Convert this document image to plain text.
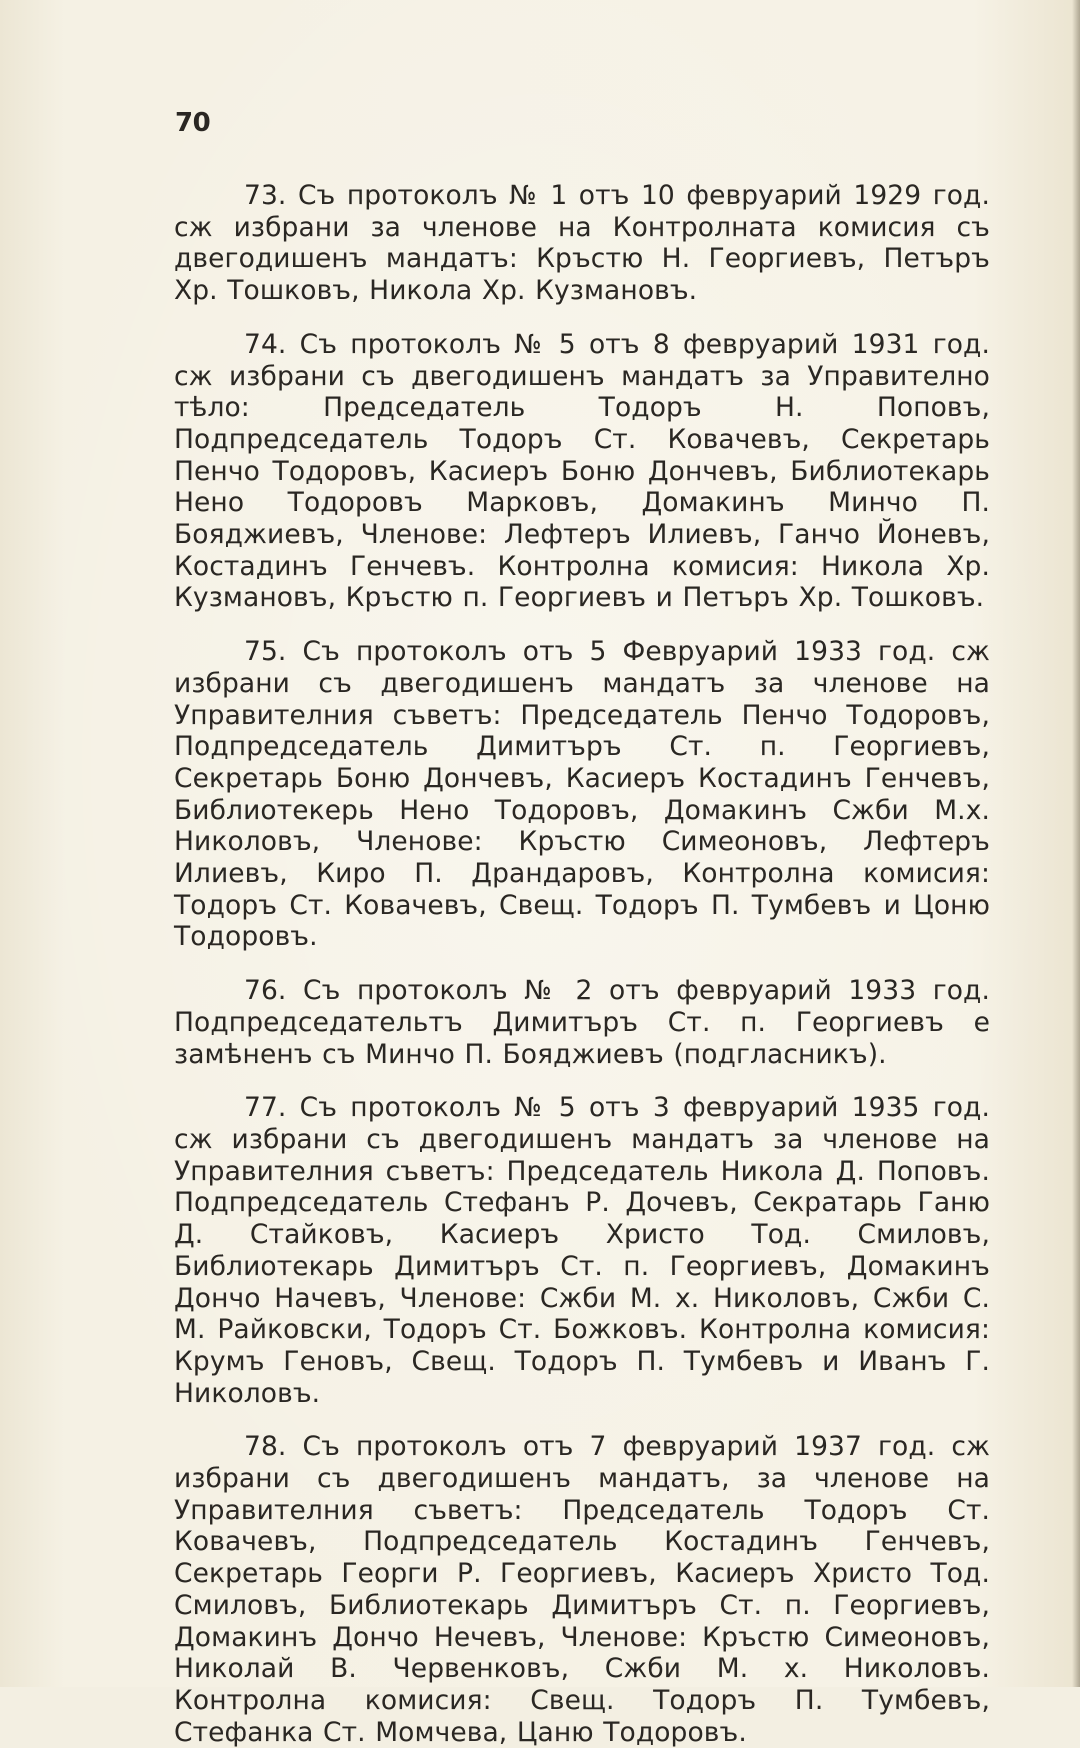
70

73. Съ протоколъ № 1 отъ 10 февруарий 1929 год. сж избрани за членове на Контролната комисия съ двегодишенъ мандатъ: Кръстю Н. Георгиевъ, Петъръ Хр. Тошковъ, Никола Хр. Кузмановъ.

74. Съ протоколъ № 5 отъ 8 февруарий 1931 год. сж избрани съ двегодишенъ мандатъ за Управително тѣло: Председатель Тодоръ Н. Поповъ, Подпредседатель Тодоръ Ст. Ковачевъ, Секретарь Пенчо Тодоровъ, Касиеръ Боню Дончевъ, Библиотекарь Нено Тодоровъ Марковъ, Домакинъ Минчо П. Бояджиевъ, Членове: Лефтеръ Илиевъ, Ганчо Йоневъ, Костадинъ Генчевъ. Контролна комисия: Никола Хр. Кузмановъ, Кръстю п. Георгиевъ и Петъръ Хр. Тошковъ.

75. Съ протоколъ отъ 5 Февруарий 1933 год. сж избрани съ двегодишенъ мандатъ за членове на Управителния съветъ: Председатель Пенчо Тодоровъ, Подпредседатель Димитъръ Ст. п. Георгиевъ, Секретарь Боню Дончевъ, Касиеръ Костадинъ Генчевъ, Библиотекерь Нено Тодоровъ, Домакинъ Сжби М.х. Николовъ, Членове: Кръстю Симеоновъ, Лефтеръ Илиевъ, Киро П. Драндаровъ, Контролна комисия: Тодоръ Ст. Ковачевъ, Свещ. Тодоръ П. Тумбевъ и Цоню Тодоровъ.

76. Съ протоколъ № 2 отъ февруарий 1933 год. Подпредседательтъ Димитъръ Ст. п. Георгиевъ е замѣненъ съ Минчо П. Бояджиевъ (подгласникъ).

77. Съ протоколъ № 5 отъ 3 февруарий 1935 год. сж избрани съ двегодишенъ мандатъ за членове на Управителния съветъ: Председатель Никола Д. Поповъ. Подпредседатель Стефанъ Р. Дочевъ, Секратарь Ганю Д. Стайковъ, Касиеръ Христо Тод. Смиловъ, Библиотекарь Димитъръ Ст. п. Георгиевъ, Домакинъ Дончо Начевъ, Членове: Сжби М. х. Николовъ, Сжби С. М. Райковски, Тодоръ Ст. Божковъ. Контролна комисия: Крумъ Геновъ, Свещ. Тодоръ П. Тумбевъ и Иванъ Г. Николовъ.

78. Съ протоколъ отъ 7 февруарий 1937 год. сж избрани съ двегодишенъ мандатъ, за членове на Управителния съветъ: Председатель Тодоръ Ст. Ковачевъ, Подпредседатель Костадинъ Генчевъ, Секретарь Георги Р. Георгиевъ, Касиеръ Христо Тод. Смиловъ, Библиотекарь Димитъръ Ст. п. Георгиевъ, Домакинъ Дончо Нечевъ, Членове: Кръстю Симеоновъ, Николай В. Червенковъ, Сжби М. х. Николовъ. Контролна комисия: Свещ. Тодоръ П. Тумбевъ, Стефанка Ст. Момчева, Цаню Тодоровъ.
